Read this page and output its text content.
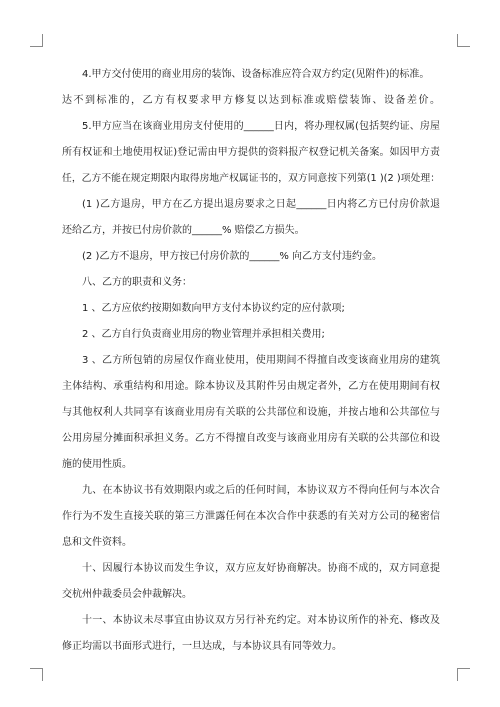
4.甲方交付使用的商业用房的装饰、设备标准应符合双方约定(见附件)的标准。
达不到标准的，乙方有权要求甲方修复以达到标准或赔偿装饰、设备差价。
5.甲方应当在该商业用房支付使用的______日内，将办理权属(包括契约证、房屋
所有权证和土地使用权证)登记需由甲方提供的资料报产权登记机关备案。如因甲方责
任，乙方不能在规定期限内取得房地产权属证书的，双方同意按下列第(1 )(2 )项处理：
(1 )乙方退房，甲方在乙方提出退房要求之日起______日内将乙方已付房价款退
还给乙方，并按已付房价款的______% 赔偿乙方损失。
(2 )乙方不退房，甲方按已付房价款的______% 向乙方支付违约金。
八、乙方的职责和义务：
1 、乙方应依约按期如数向甲方支付本协议约定的应付款项;
2 、乙方自行负责商业用房的物业管理并承担相关费用;
3 、乙方所包销的房屋仅作商业使用，使用期间不得擅自改变该商业用房的建筑
主体结构、承重结构和用途。除本协议及其附件另由规定者外，乙方在使用期间有权
与其他权利人共同享有该商业用房有关联的公共部位和设施，并按占地和公共部位与
公用房屋分摊面积承担义务。乙方不得擅自改变与该商业用房有关联的公共部位和设
施的使用性质。
九、在本协议书有效期限内或之后的任何时间，本协议双方不得向任何与本次合
作行为不发生直接关联的第三方泄露任何在本次合作中获悉的有关对方公司的秘密信
息和文件资料。
十、因履行本协议而发生争议，双方应友好协商解决。协商不成的，双方同意提
交杭州仲裁委员会仲裁解决。
十一、本协议未尽事宜由协议双方另行补充约定。对本协议所作的补充、修改及
修正均需以书面形式进行，一旦达成，与本协议具有同等效力。
